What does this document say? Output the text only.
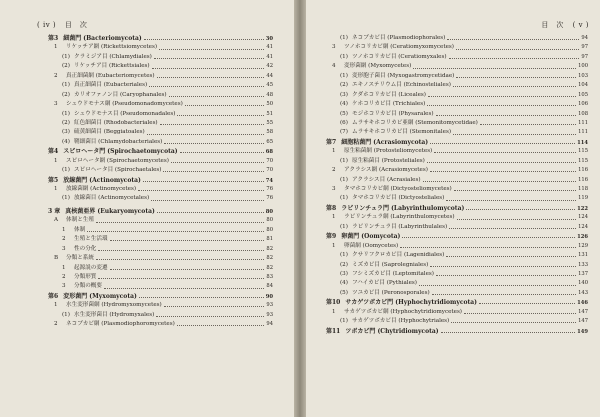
( iv ) 目　次
第3 細菌門 (Bacteriomycota)	30
1	リケッチア網 (Rickettsiomycetes)	41
(1) クラミジア目 (Chlamydiales)	41
(2) リケッチア目 (Rickettsiales)	42
2	真正細菌網 (Eubacteriomycetes)	44
(1) 真正細菌目 (Eubacteriales)	45
(2) カリオファノン目 (Caryophanales)	48
3	シュウドモナス網 (Pseudomonadomycetes)	50
(1) シュウドモナス目 (Pseudomonadales)	51
(2) 紅色細菌目 (Rhodobacteriales)	55
(3) 硫黄細菌目 (Beggiatoales)	58
(4) 鞘細菌目 (Chlamydobacteriales)	65
第4 スピロヘータ門 (Spirochaetomycota)	68
1	スピロヘータ網 (Spirochaetomycetes)	70
(1) スピロヘータ目 (Spirochaetales)	70
第5 放線菌門 (Actinomycota)	74
1	放線菌網 (Actinomycetes)	76
(1) 放線菌目 (Actinomycetales)	76
3 章 真核菌亜界 (Eukaryomycota)	80
A	体制と生殖	80
1	体制	80
2	生殖と生活環	81
3	性の分化	82
B	分類と系統	82
1	起源説の変遷	82
2	分類形質	83
3	分類の概要	84
第6 変形菌門 (Myxomycota)	90
1	水生変形菌網 (Hydromyxomycetes)	93
(1) 水生変形菌目 (Hydromyxales)	93
2	ネコブカビ網 (Plasmodiophoromycetes)	94
目　次 ( v )
(1) ネコブカビ目 (Plasmodiophorales)	94
3	ツノホコリカビ網 (Ceratiomyxomycetes)	97
(1) ツノホコリカビ目 (Ceratiomyxales)	97
4	変形菌網 (Myxomycetes)	100
(1) 変形胞子菌目 (Myxogastromycetidae)	103
(2) エキノステリウム目 (Echinosteliales)	104
(3) クダホコリカビ目 (Liceales)	105
(4) ケホコリカビ目 (Trichiales)	106
(5) モジホコリカビ目 (Physarales)	108
(6) ムラサキホコリカビ亜網 (Stemonitomycetidae)	111
(7) ムラサキホコリカビ目 (Stemonitales)	111
第7 細胞粘菌門 (Acrasiomycota)	114
1	原生粘菌網 (Protosteliomycetes)	115
(1) 原生粘菌目 (Protosteliales)	115
2	アクラシス網 (Acrasiomycetes)	116
(1) アクラシス目 (Acrasiales)	116
3	タマホコリカビ網 (Dictyosteliomycetes)	118
(1) タマホコリカビ目 (Dictyosteliales)	119
第8 ラビリンチュラ門 (Labyrinthulomycota)	122
1	ラビリンチュラ網 (Labyrinthulomycetes)	124
(1) ラビリンチュラ目 (Labyrinthulales)	124
第9 卵菌門 (Oomycota)	126
1	卵菌網 (Oomycetes)	129
(1) クサリフクロカビ目 (Lagenidiales)	131
(2) ミズカビ目 (Saprolegniales)	133
(3) フシミズカビ目 (Leptomitales)	137
(4) フハイカビ目 (Pythiales)	140
(5) ツユカビ目 (Peronosporales)	143
第10 サカゲツボカビ門 (Hyphochytridiomycota)	146
1	サカゲツボカビ網 (Hyphochytridiomycetes)	147
(1) サカゲツボカビ目 (Hyphochytriales)	147
第11 ツボカビ門 (Chytridiomycota)	149
